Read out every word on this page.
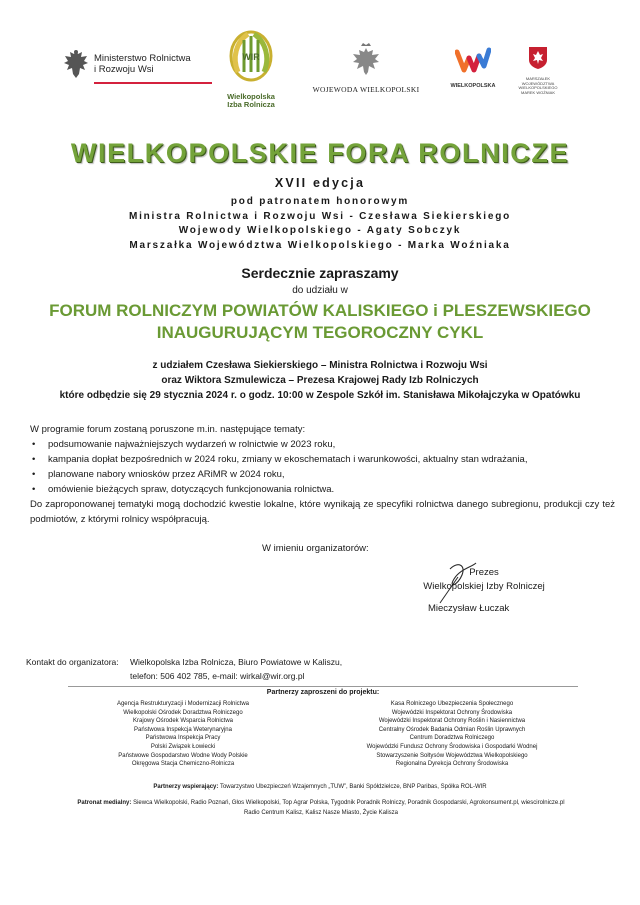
Ministerstwo Rolnictwa
i Rozwoju Wsi
WIR
Wielkopolska
Izba Rolnicza
WOJEWODA WIELKOPOLSKI	WIELKOPOLSKA
MARSZAŁEK
WOJEWÓDZTWA
WIELKOPOLSKIEGO
MAREK WOŹNIAK
WIELKOPOLSKIE FORA ROLNICZE
XVII edycja
pod patronatem honorowym
Ministra Rolnictwa i Rozwoju Wsi - Czesława Siekierskiego
Wojewody Wielkopolskiego - Agaty Sobczyk
Marszałka Województwa Wielkopolskiego - Marka Woźniaka
Serdecznie zapraszamy
do udziału w
FORUM ROLNICZYM POWIATÓW KALISKIEGO i PLESZEWSKIEGO
INAUGURUJĄCYM TEGOROCZNY CYKL
z udziałem Czesława Siekierskiego – Ministra Rolnictwa i Rozwoju Wsi
oraz Wiktora Szmulewicza – Prezesa Krajowej Rady Izb Rolniczych
które odbędzie się 29 stycznia 2024 r. o godz. 10:00 w Zespole Szkół im. Stanisława Mikołajczyka w Opatówku
W programie forum zostaną poruszone m.in. następujące tematy:
• podsumowanie najważniejszych wydarzeń w rolnictwie w 2023 roku,
• kampania dopłat bezpośrednich w 2024 roku, zmiany w ekoschematach i warunkowości, aktualny stan wdrażania,
• planowane nabory wniosków przez ARiMR w 2024 roku,
• omówienie bieżących spraw, dotyczących funkcjonowania rolnictwa.
Do zaproponowanej tematyki mogą dochodzić kwestie lokalne, które wynikają ze specyfiki rolnictwa danego subregionu, produkcji czy też podmiotów, z którymi rolnicy współpracują.
W imieniu organizatorów:
Prezes
Wielkopolskiej Izby Rolniczej
Mieczysław Łuczak
Kontakt do organizatora:	Wielkopolska Izba Rolnicza, Biuro Powiatowe w Kaliszu,
telefon: 506 402 785, e-mail: wirkal@wir.org.pl
Partnerzy zaproszeni do projektu:
Agencja Restrukturyzacji i Modernizacji Rolnictwa
Wielkopolski Ośrodek Doradztwa Rolniczego
Krajowy Ośrodek Wsparcia Rolnictwa
Państwowa Inspekcja Weterynaryjna
Państwowa Inspekcja Pracy
Polski Związek Łowiecki
Państwowe Gospodarstwo Wodne Wody Polskie
Okręgowa Stacja Chemiczno-Rolnicza
Kasa Rolniczego Ubezpieczenia Społecznego
Wojewódzki Inspektorat Ochrony Środowiska
Wojewódzki Inspektorat Ochrony Roślin i Nasiennictwa
Centralny Ośrodek Badania Odmian Roślin Uprawnych
Centrum Doradztwa Rolniczego
Wojewódzki Fundusz Ochrony Środowiska i Gospodarki Wodnej
Stowarzyszenie Sołtysów Województwa Wielkopolskiego
Regionalna Dyrekcja Ochrony Środowiska
Partnerzy wspierający: Towarzystwo Ubezpieczeń Wzajemnych „TUW”, Banki Spółdzielcze, BNP Paribas, Spółka ROL-WIR
Patronat medialny: Siewca Wielkopolski, Radio Poznań, Głos Wielkopolski, Top Agrar Polska, Tygodnik Poradnik Rolniczy, Poradnik Gospodarski, Agrokonsument.pl, wiescirolnicze.pl
Radio Centrum Kalisz, Kalisz Nasze Miasto, Życie Kalisza
